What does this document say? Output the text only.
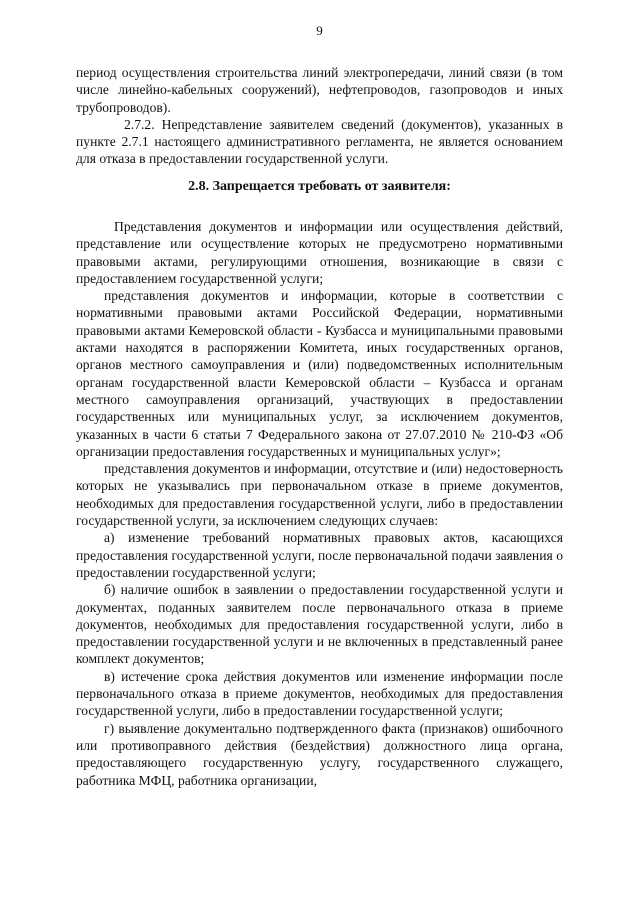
9

период осуществления строительства линий электропередачи, линий связи (в том числе линейно-кабельных сооружений), нефтепроводов, газопроводов и иных трубопроводов).

2.7.2. Непредставление заявителем сведений (документов), указанных в пункте 2.7.1 настоящего административного регламента, не является основанием для отказа в предоставлении государственной услуги.

2.8. Запрещается требовать от заявителя:

Представления документов и информации или осуществления действий, представление или осуществление которых не предусмотрено нормативными правовыми актами, регулирующими отношения, возникающие в связи с предоставлением государственной услуги;

представления документов и информации, которые в соответствии с нормативными правовыми актами Российской Федерации, нормативными правовыми актами Кемеровской области - Кузбасса и муниципальными правовыми актами находятся в распоряжении Комитета, иных государственных органов, органов местного самоуправления и (или) подведомственных исполнительным органам государственной власти Кемеровской области – Кузбасса и органам местного самоуправления организаций, участвующих в предоставлении государственных или муниципальных услуг, за исключением документов, указанных в части 6 статьи 7 Федерального закона от 27.07.2010 № 210-ФЗ «Об организации предоставления государственных и муниципальных услуг»;

представления документов и информации, отсутствие и (или) недостоверность которых не указывались при первоначальном отказе в приеме документов, необходимых для предоставления государственной услуги, либо в предоставлении государственной услуги, за исключением следующих случаев:

а) изменение требований нормативных правовых актов, касающихся предоставления государственной услуги, после первоначальной подачи заявления о предоставлении государственной услуги;

б) наличие ошибок в заявлении о предоставлении государственной услуги и документах, поданных заявителем после первоначального отказа в приеме документов, необходимых для предоставления государственной услуги, либо в предоставлении государственной услуги и не включенных в представленный ранее комплект документов;

в) истечение срока действия документов или изменение информации после первоначального отказа в приеме документов, необходимых для предоставления государственной услуги, либо в предоставлении государственной услуги;

г) выявление документально подтвержденного факта (признаков) ошибочного или противоправного действия (бездействия) должностного лица органа, предоставляющего государственную услугу, государственного служащего, работника МФЦ, работника организации,
